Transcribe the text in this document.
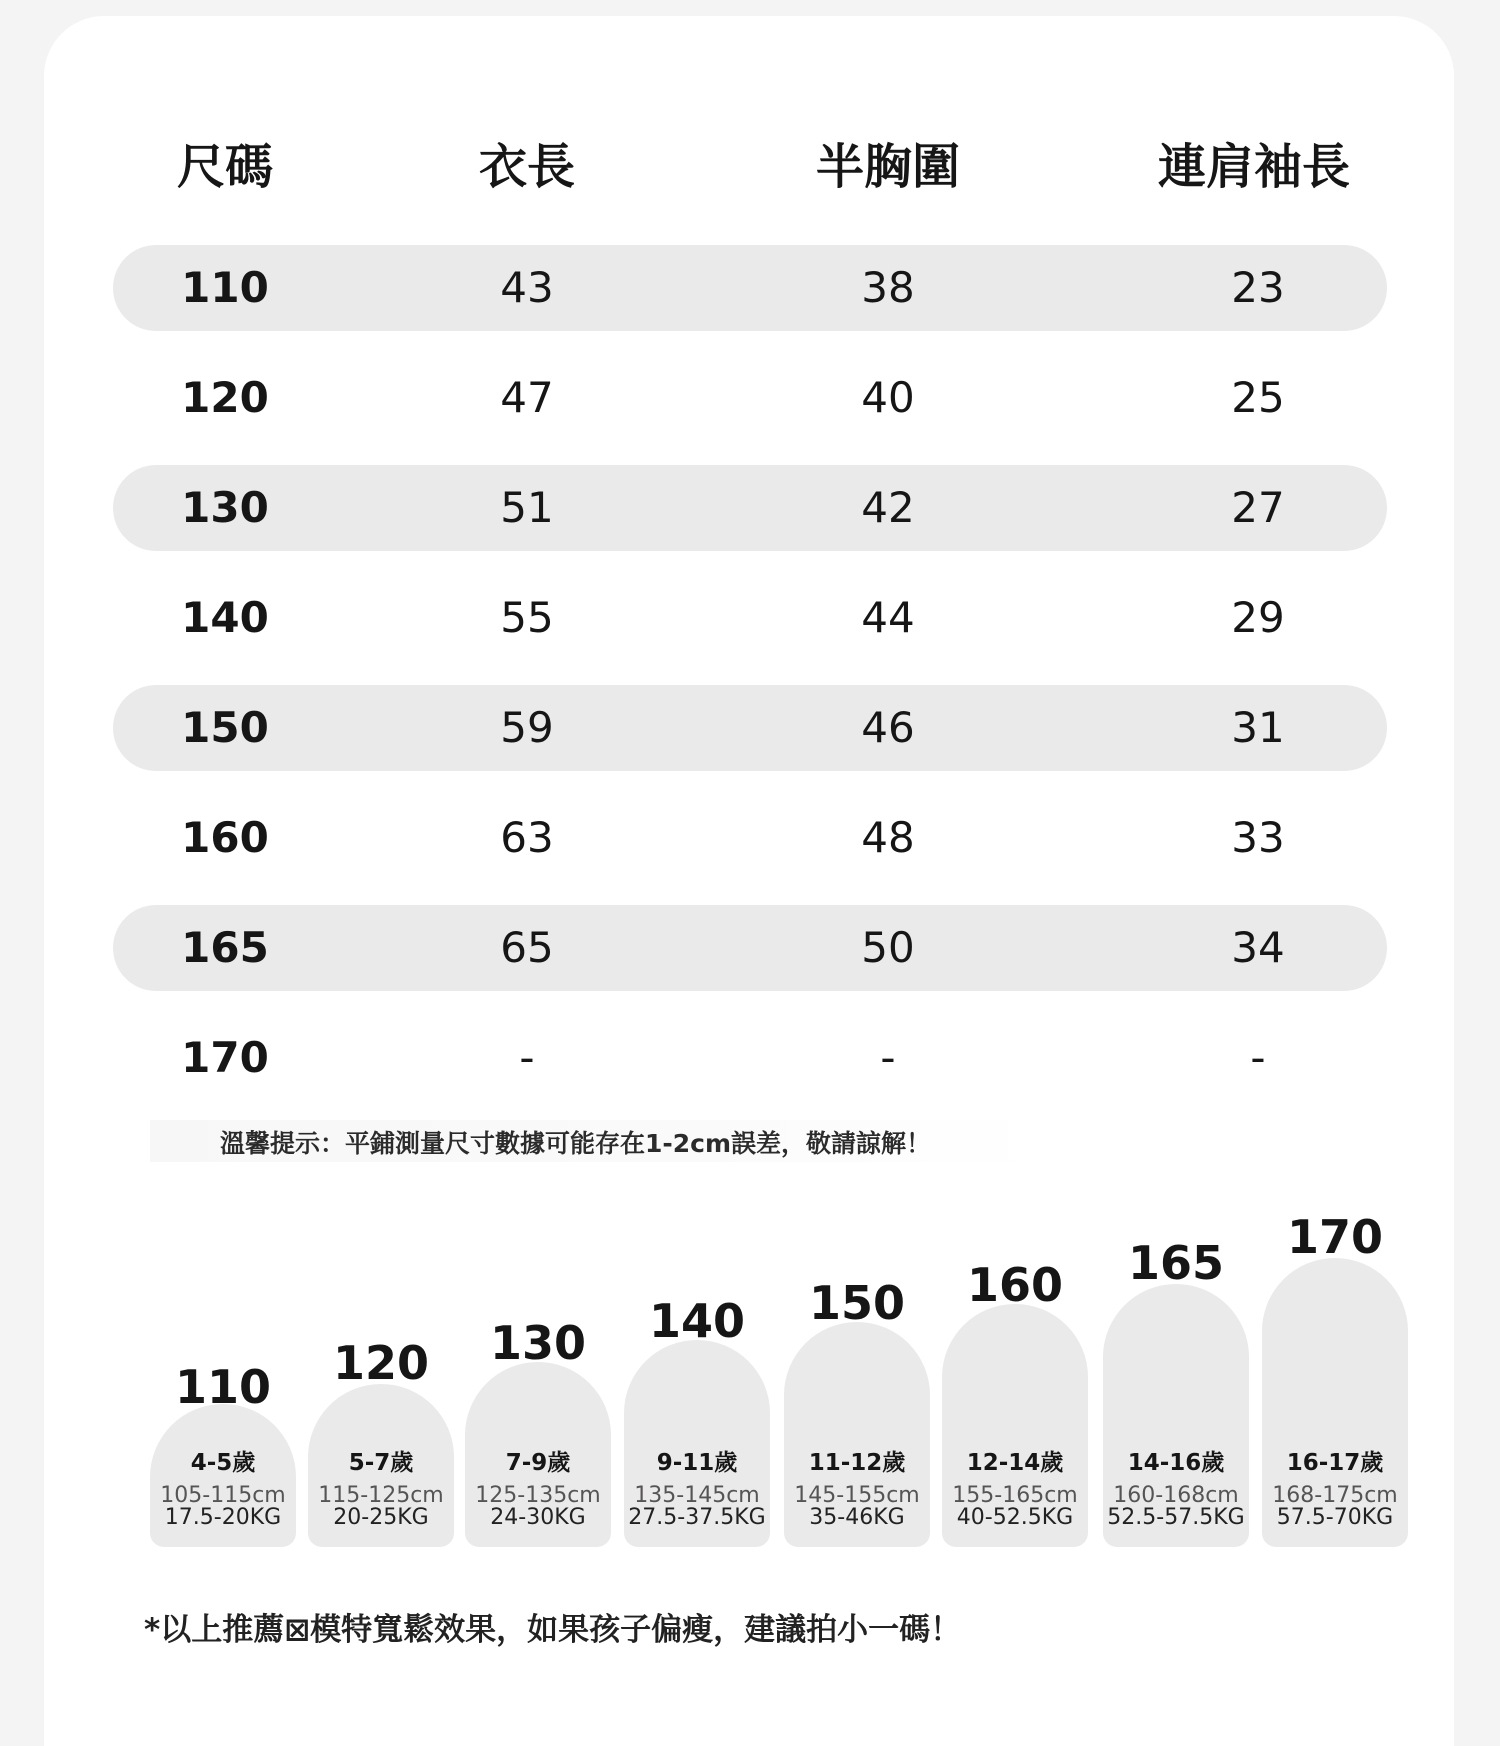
尺碼	衣長	半胸圍	連肩袖長
110	43	38	23
120	47	40	25
130	51	42	27
140	55	44	29
150	59	46	31
160	63	48	33
165	65	50	34
170	-	-	-
溫馨提示：平鋪測量尺寸數據可能存在1-2cm誤差，敬請諒解！
110
4-5歲
105-115cm
17.5-20KG
120
5-7歲
115-125cm
20-25KG
130
7-9歲
125-135cm
24-30KG
140
9-11歲
135-145cm
27.5-37.5KG
150
11-12歲
145-155cm
35-46KG
160
12-14歲
155-165cm
40-52.5KG
165
14-16歲
160-168cm
52.5-57.5KG
170
16-17歲
168-175cm
57.5-70KG
*以上推薦⊠模特寬鬆效果，如果孩子偏瘦，建議拍小一碼！
